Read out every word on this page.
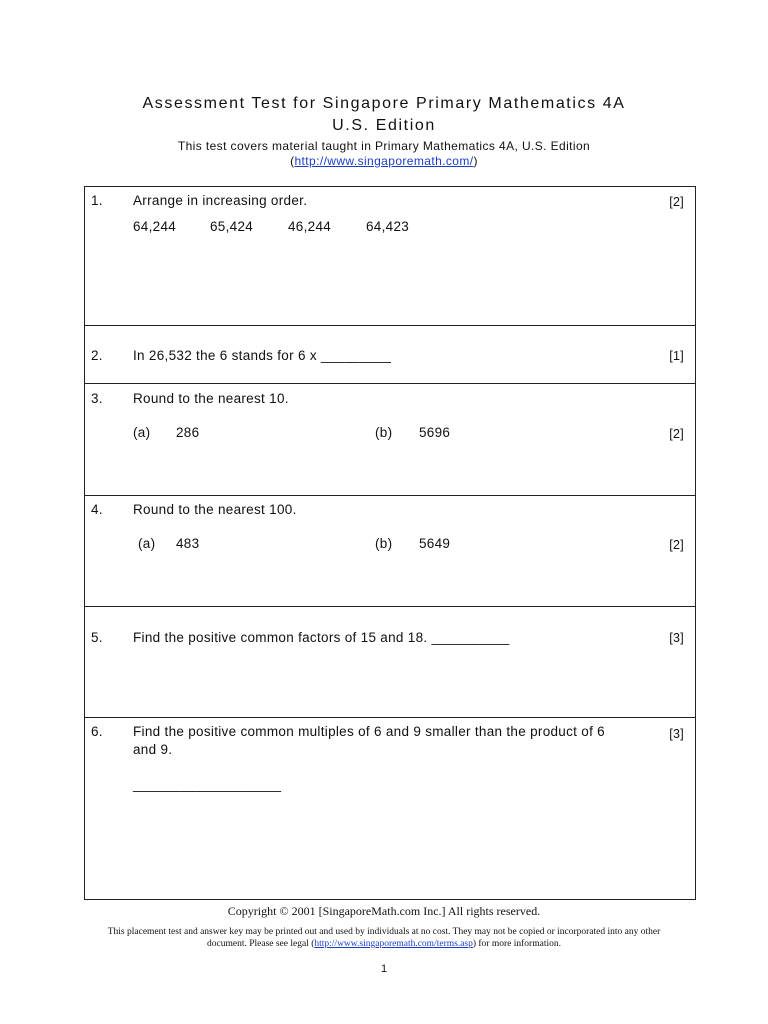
Assessment Test for Singapore Primary Mathematics 4A
U.S. Edition
This test covers material taught in Primary Mathematics 4A, U.S. Edition
(http://www.singaporemath.com/)
1. Arrange in increasing order.	[2]
64,244	65,424	46,244	64,423
2. In 26,532 the 6 stands for 6 x _________	[1]
3. Round to the nearest 10.
(a) 286	(b) 5696	[2]
4. Round to the nearest 100.
(a) 483	(b) 5649	[2]
5. Find the positive common factors of 15 and 18. __________	[3]
6. Find the positive common multiples of 6 and 9 smaller than the product of 6
and 9.
___________________
[3]
Copyright © 2001 [SingaporeMath.com Inc.] All rights reserved.
This placement test and answer key may be printed out and used by individuals at no cost. They may not be copied or incorporated into any other
document. Please see legal (http://www.singaporemath.com/terms.asp) for more information.
1
